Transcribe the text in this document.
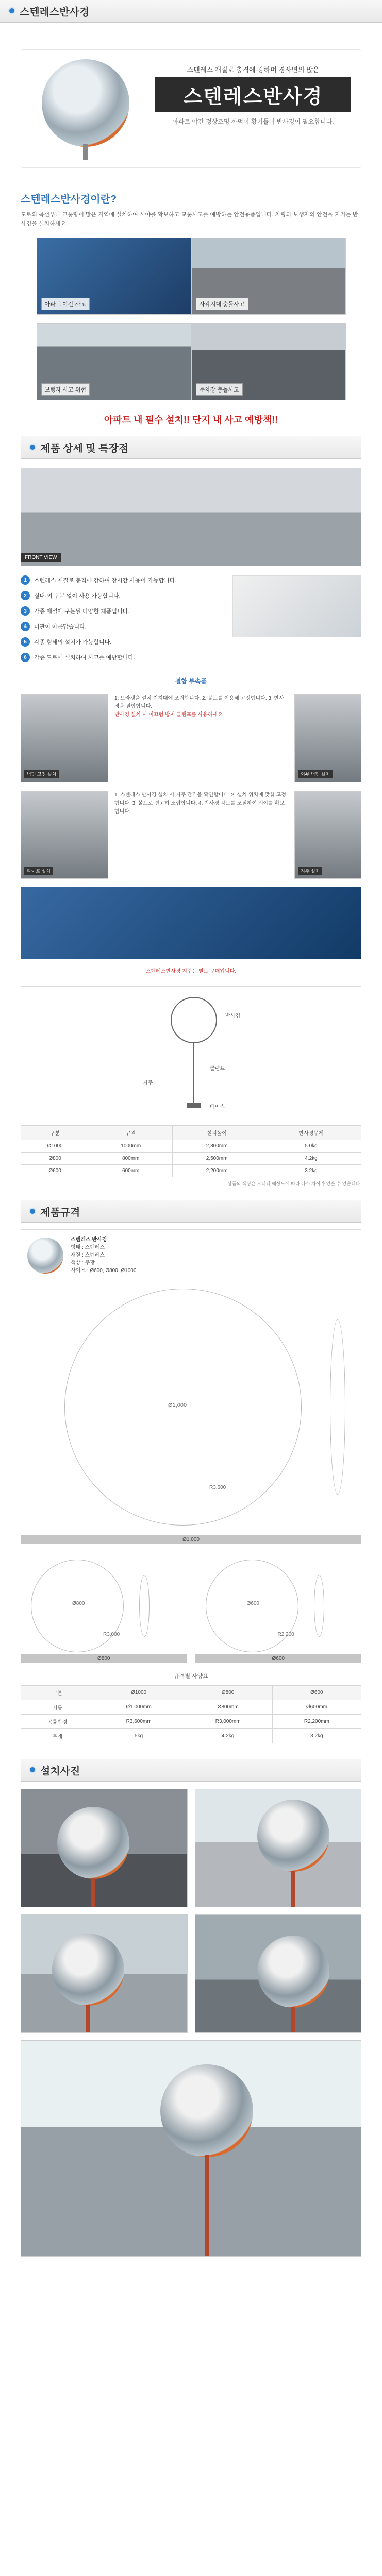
스텐레스반사경
스텐레스 재질로 충격에 강하며 경사면의 많은
스텐레스반사경
아파트 야간 정상조명 까먹이 황기들이 반사경이 필요합니다.
스텐레스반사경이란?
도로의 곡선부나 교통량이 많은 지역에 설치하여 시야를 확보하고 교통사고를 예방하는 안전용품입니다. 차량과 보행자의 안전을 지키는 반사경을 설치하세요.
아파트 야간 사고	사각지대 충돌사고
보행자 사고 위험	주차장 충돌사고
아파트 내 필수 설치!! 단지 내 사고 예방책!!
제품 상세 및 특장점
FRONT VIEW
1	스텐레스 재질로 충격에 강하여 장시간 사용이 가능합니다.
2	실내·외 구분 없이 사용 가능합니다.
3	각종 매설에 구분된 다양한 제품입니다.
4	미관이 아름답습니다.
5	각종 형태의 설치가 가능합니다.
6	각종 도로에 설치하여 사고를 예방합니다.
결합 부속품
벽면 고정 설치
1. 브라켓을 설치 지지대에 조립합니다. 2. 볼트를 이용해 고정합니다. 3. 반사경을 결합합니다.
반사경 설치 시 미끄럼 방지 클램프를 사용하세요.
외부 벽면 설치
파이프 설치
1. 스텐레스 반사경 설치 시 지주 간격을 확인합니다. 2. 설치 위치에 맞춰 고정합니다. 3. 볼트로 견고히 조립합니다. 4. 반사경 각도를 조절하여 시야를 확보합니다.
지주 설치
스텐레스반사경 지주는 별도 구매입니다.
반사경
클램프
지주
베이스
구분	규격	설치높이	반사경무게
Ø1000	1000mm	2,800mm	5.0kg
Ø800	800mm	2,500mm	4.2kg
Ø600	600mm	2,200mm	3.2kg
상품의 색상은 모니터 해상도에 따라 다소 차이가 있을 수 있습니다.
제품규격
스텐레스 반사경
형태 : 스텐레스
재질 : 스텐레스
색상 : 주황
사이즈 : Ø600, Ø800, Ø1000
Ø1,000
R3,600
Ø1,000
Ø800
R3,000
Ø800
Ø600
R2,200
Ø600
규격별 사양표
구분	Ø1000	Ø800	Ø600
지름	Ø1,000mm	Ø800mm	Ø600mm
곡률반경	R3,600mm	R3,000mm	R2,200mm
무게	5kg	4.2kg	3.2kg
설치사진
